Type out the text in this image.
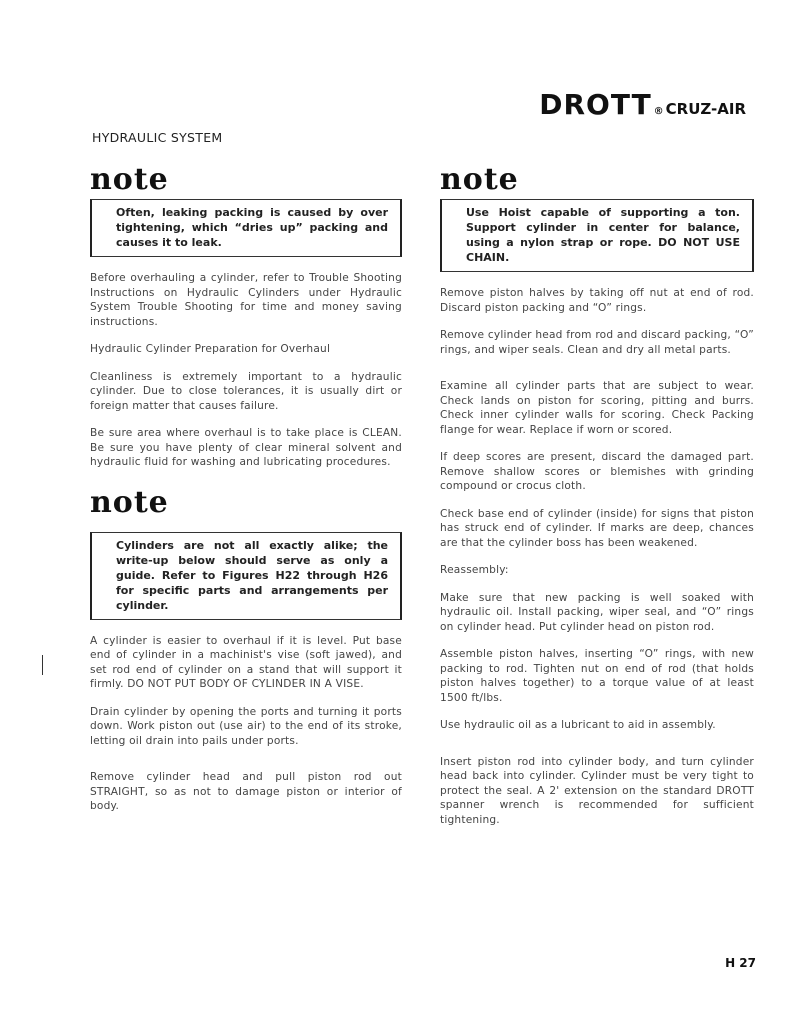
DROTT ® CRUZ-AIR
HYDRAULIC SYSTEM
note
Often, leaking packing is caused by over tightening, which “dries up” packing and causes it to leak.

Before overhauling a cylinder, refer to Trouble Shooting Instructions on Hydraulic Cylinders under Hydraulic System Trouble Shooting for time and money saving instructions.

Hydraulic Cylinder Preparation for Overhaul

Cleanliness is extremely important to a hydraulic cylinder. Due to close tolerances, it is usually dirt or foreign matter that causes failure.

Be sure area where overhaul is to take place is CLEAN. Be sure you have plenty of clear mineral solvent and hydraulic fluid for washing and lubricating procedures.

note
Cylinders are not all exactly alike; the write-up below should serve as only a guide. Refer to Figures H22 through H26 for specific parts and arrangements per cylinder.

A cylinder is easier to overhaul if it is level. Put base end of cylinder in a machinist's vise (soft jawed), and set rod end of cylinder on a stand that will support it firmly. DO NOT PUT BODY OF CYLINDER IN A VISE.

Drain cylinder by opening the ports and turning it ports down. Work piston out (use air) to the end of its stroke, letting oil drain into pails under ports.

Remove cylinder head and pull piston rod out STRAIGHT, so as not to damage piston or interior of body.

note
Use Hoist capable of supporting a ton. Support cylinder in center for balance, using a nylon strap or rope. DO NOT USE CHAIN.

Remove piston halves by taking off nut at end of rod. Discard piston packing and “O” rings.

Remove cylinder head from rod and discard packing, “O” rings, and wiper seals. Clean and dry all metal parts.

Examine all cylinder parts that are subject to wear. Check lands on piston for scoring, pitting and burrs. Check inner cylinder walls for scoring. Check Packing flange for wear. Replace if worn or scored.

If deep scores are present, discard the damaged part. Remove shallow scores or blemishes with grinding compound or crocus cloth.

Check base end of cylinder (inside) for signs that piston has struck end of cylinder. If marks are deep, chances are that the cylinder boss has been weakened.

Reassembly:

Make sure that new packing is well soaked with hydraulic oil. Install packing, wiper seal, and “O” rings on cylinder head. Put cylinder head on piston rod.

Assemble piston halves, inserting “O” rings, with new packing to rod. Tighten nut on end of rod (that holds piston halves together) to a torque value of at least 1500 ft/lbs.

Use hydraulic oil as a lubricant to aid in assembly.

Insert piston rod into cylinder body, and turn cylinder head back into cylinder. Cylinder must be very tight to protect the seal. A 2' extension on the standard DROTT spanner wrench is recommended for sufficient tightening.

H 27
